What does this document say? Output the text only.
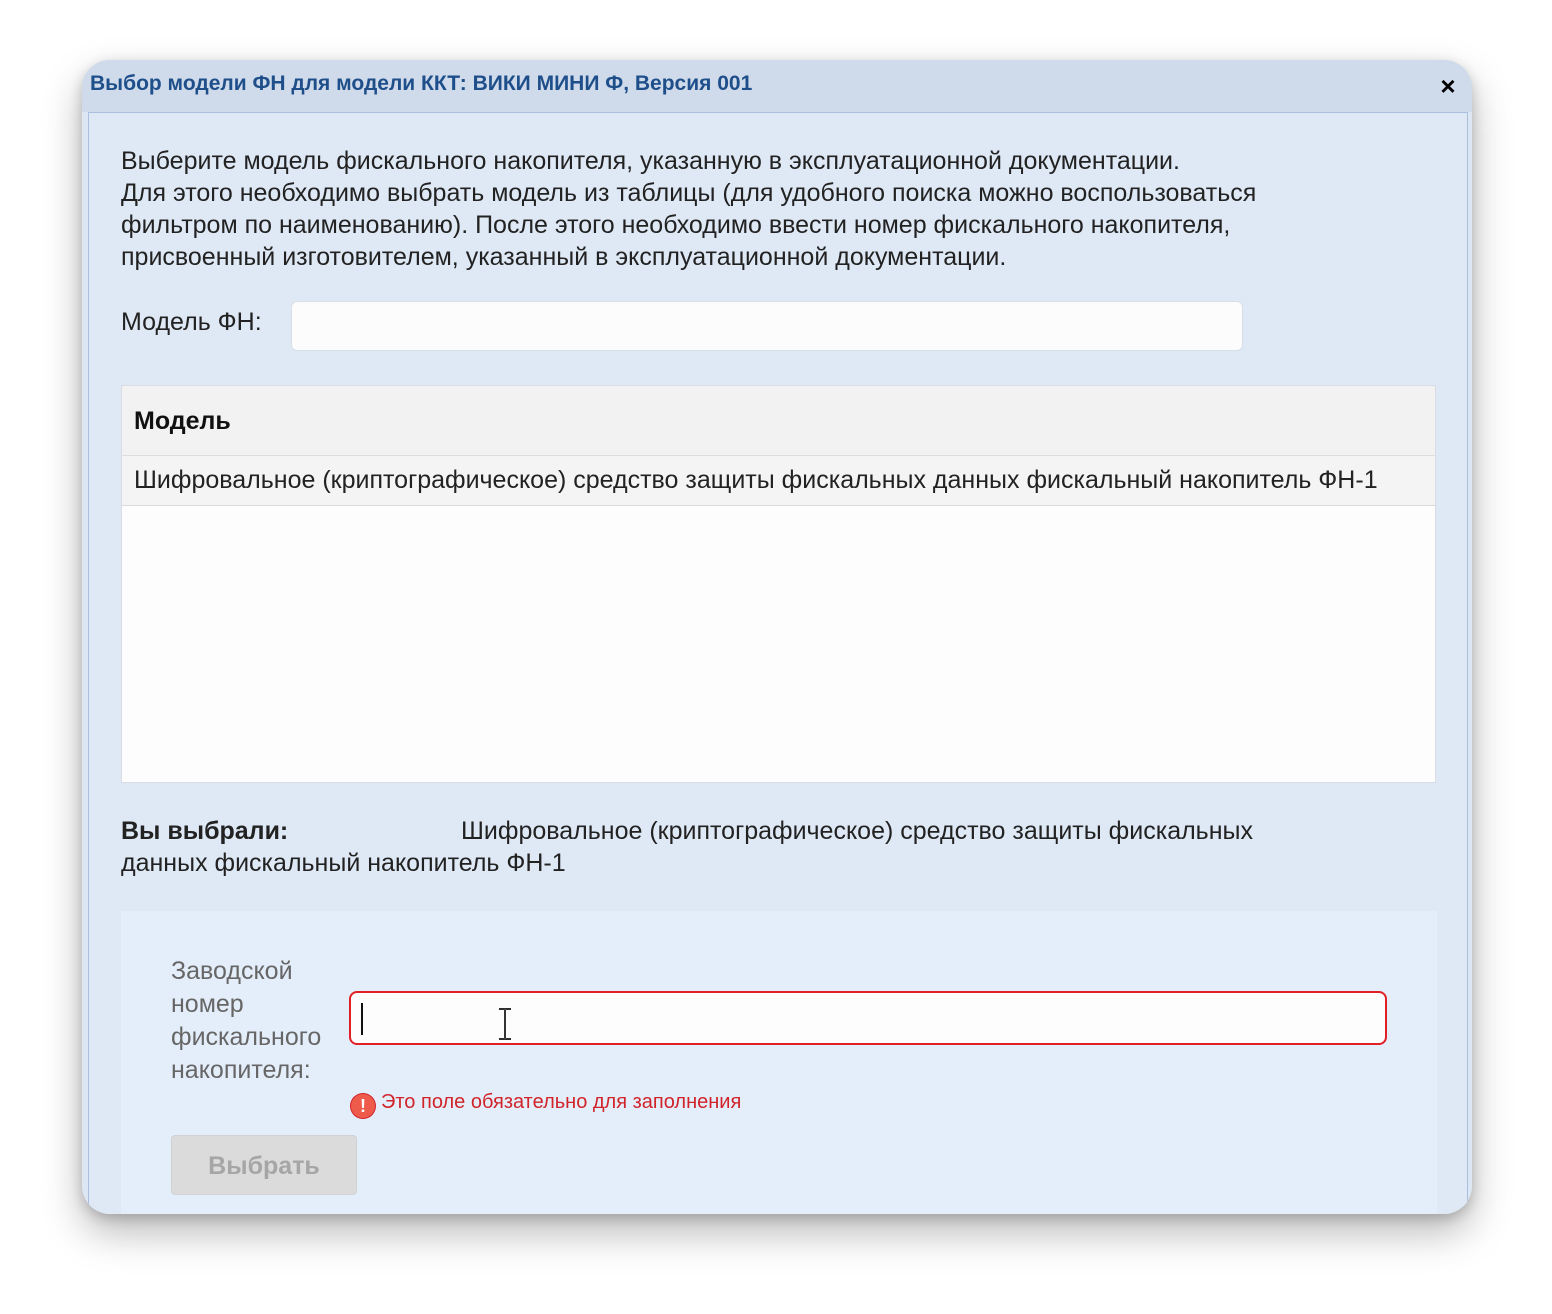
Выбор модели ФН для модели ККТ: ВИКИ МИНИ Ф, Версия 001	×
Выберите модель фискального накопителя, указанную в эксплуатационной документации.
Для этого необходимо выбрать модель из таблицы (для удобного поиска можно воспользоваться
фильтром по наименованию). После этого необходимо ввести номер фискального накопителя,
присвоенный изготовителем, указанный в эксплуатационной документации.
Модель ФН:
Модель
Шифровальное (криптографическое) средство защиты фискальных данных фискальный накопитель ФН-1
Вы выбрали:	Шифровальное (криптографическое) средство защиты фискальных
данных фискальный накопитель ФН-1
Заводской
номер
фискального
накопителя:
! Это поле обязательно для заполнения
Выбрать
